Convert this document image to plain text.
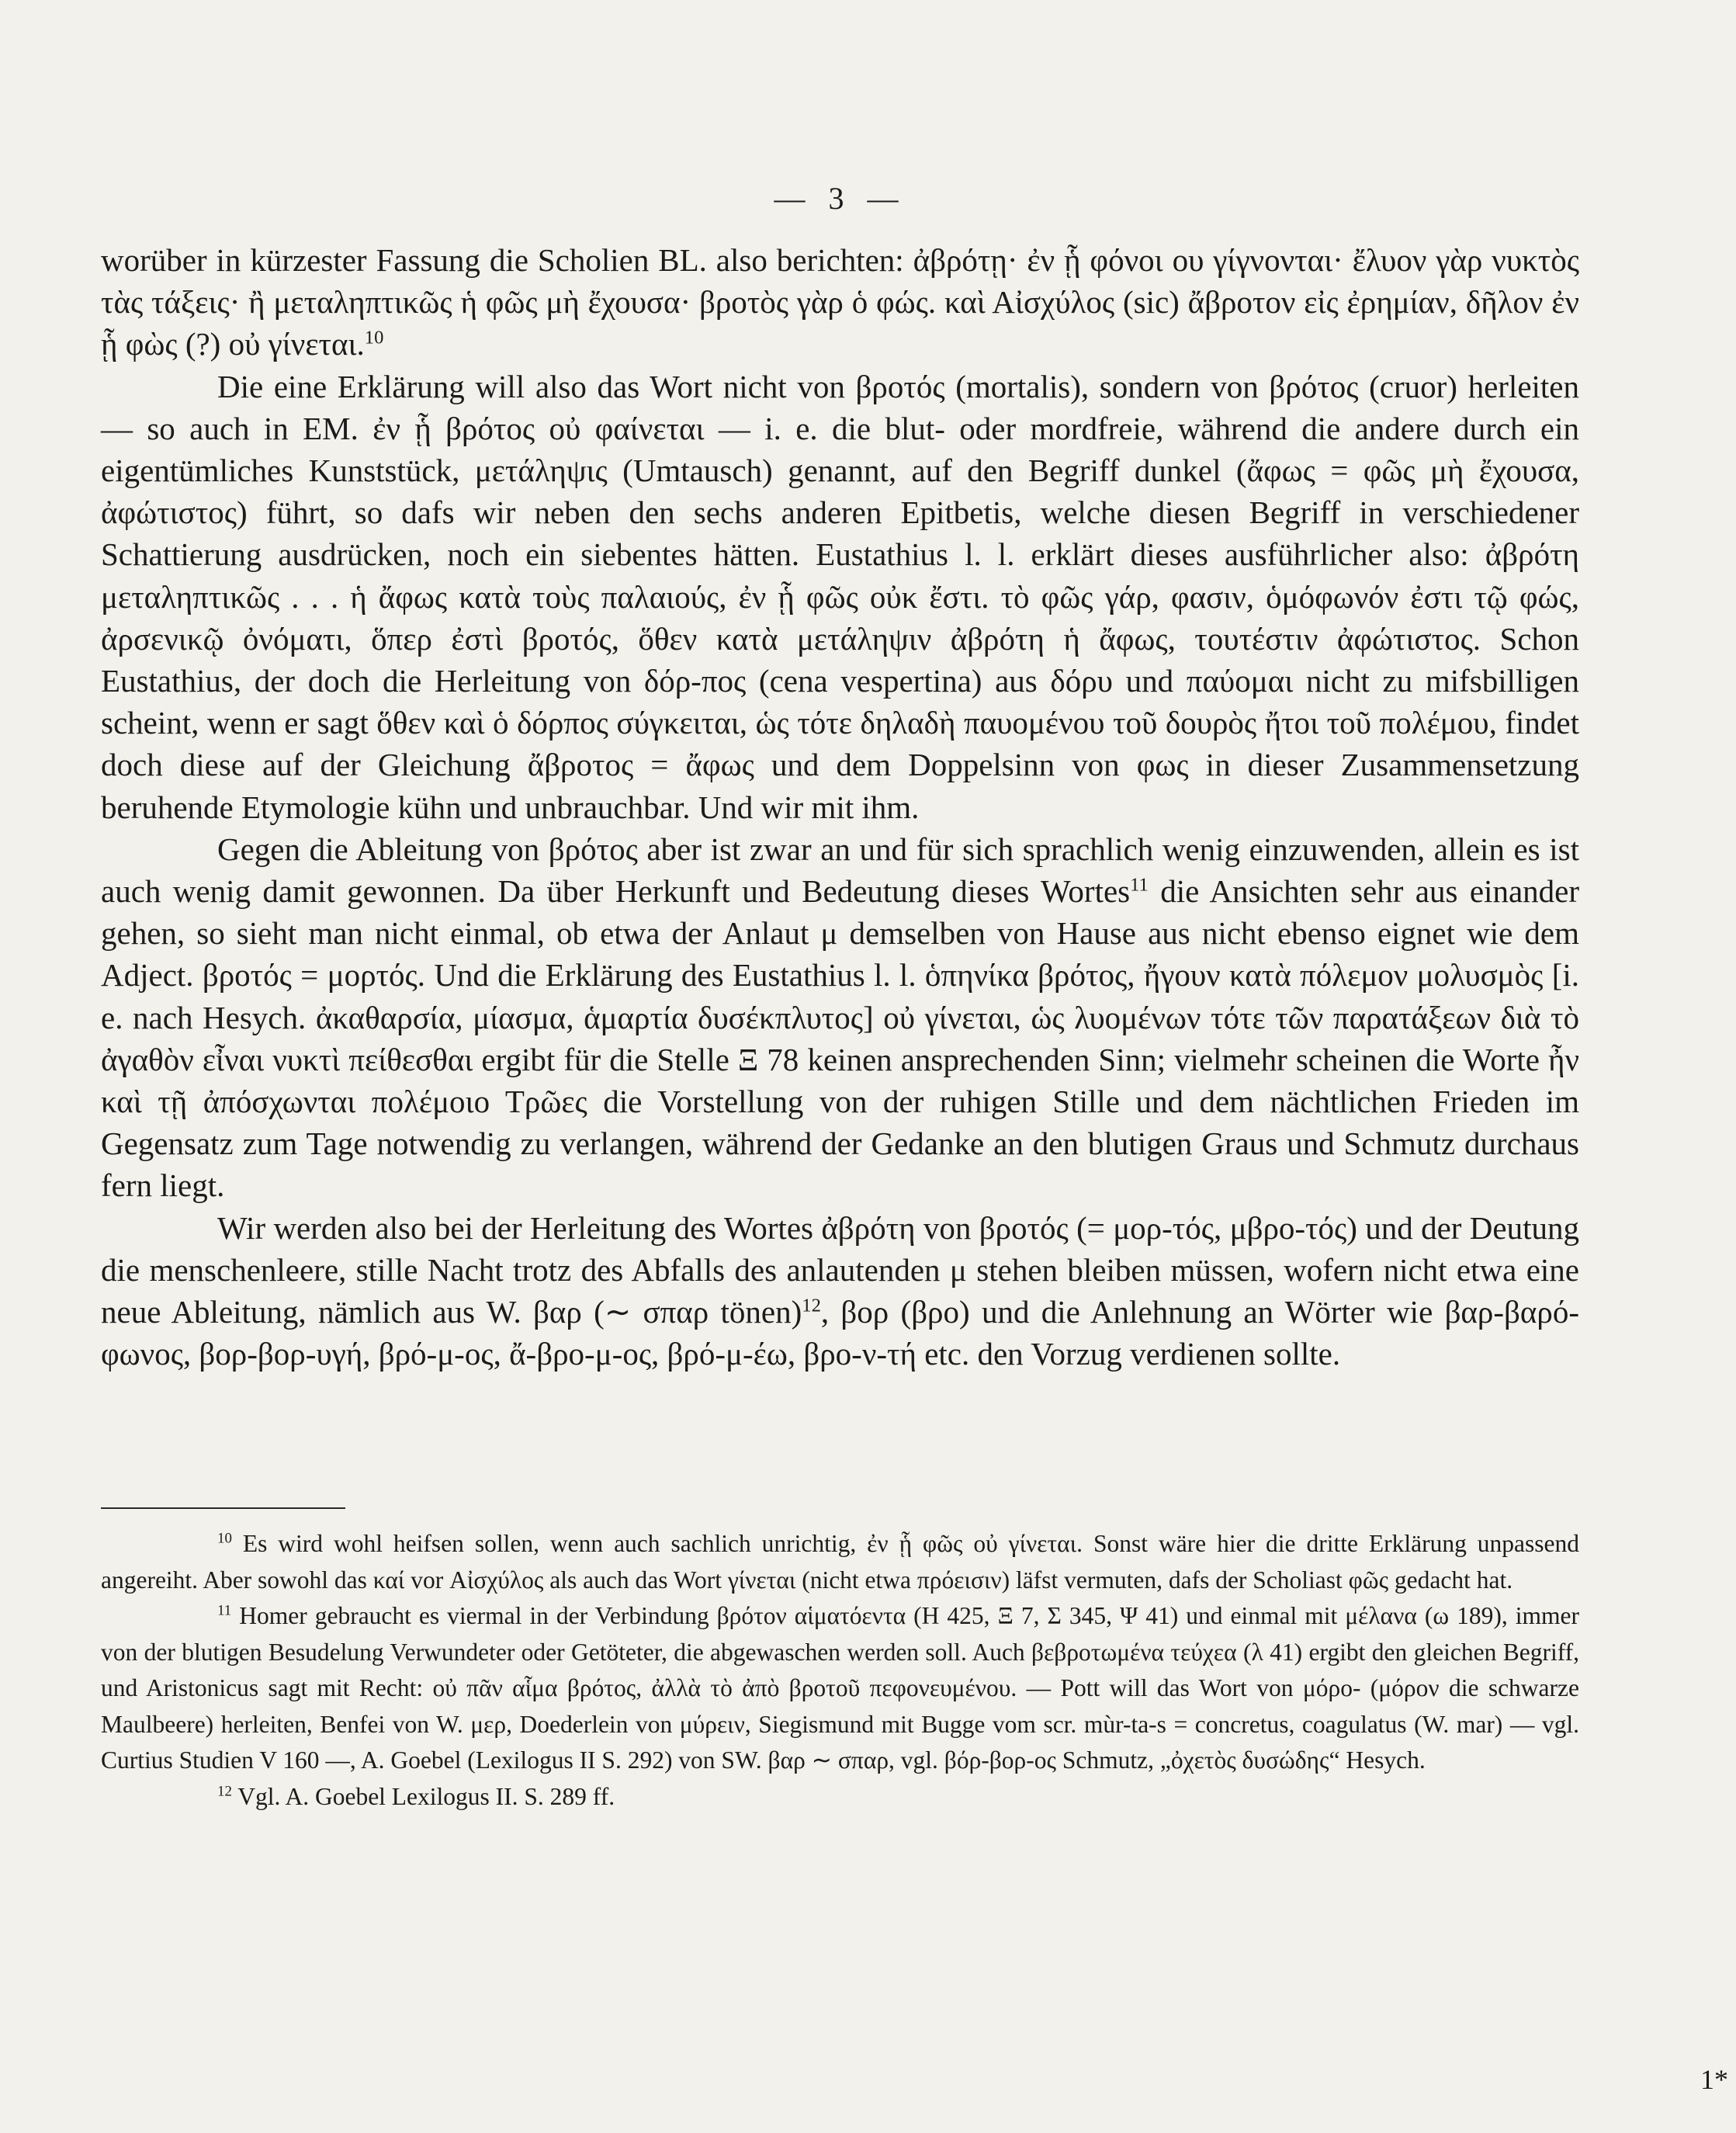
— 3 —

worüber in kürzester Fassung die Scholien BL. also berichten: ἀβρότῃ· ἐν ᾗ φόνοι ου γίγνονται· ἔλυον γὰρ νυκτὸς τὰς τάξεις· ἢ μεταληπτικῶς ἡ φῶς μὴ ἔχουσα· βροτὸς γὰρ ὁ φώς. καὶ Αἰσχύλος (sic) ἄβροτον εἰς ἐρημίαν, δῆλον ἐν ᾗ φὼς (?) οὐ γίνεται.$^{10}$

Die eine Erklärung will also das Wort nicht von βροτός (mortalis), sondern von βρότος (cruor) herleiten — so auch in EM. ἐν ᾗ βρότος οὐ φαίνεται — i. e. die blut- oder mordfreie, während die andere durch ein eigentümliches Kunststück, μετάληψις (Umtausch) genannt, auf den Begriff dunkel (ἄφως = φῶς μὴ ἔχουσα, ἀφώτιστος) führt, so dafs wir neben den sechs anderen Epitbetis, welche diesen Begriff in verschiedener Schattierung ausdrücken, noch ein siebentes hätten. Eustathius l. l. erklärt dieses ausführlicher also: ἀβρότη μεταληπτικῶς . . . ἡ ἄφως κατὰ τοὺς παλαιούς, ἐν ᾗ φῶς οὐκ ἔστι. τὸ φῶς γάρ, φασιν, ὁμόφωνόν ἐστι τῷ φώς, ἀρσενικῷ ὀνόματι, ὅπερ ἐστὶ βροτός, ὅθεν κατὰ μετάληψιν ἀβρότη ἡ ἄφως, τουτέστιν ἀφώτιστος. Schon Eustathius, der doch die Herleitung von δόρ-πος (cena vespertina) aus δόρυ und παύομαι nicht zu mifsbilligen scheint, wenn er sagt ὅθεν καὶ ὁ δόρπος σύγκειται, ὡς τότε δηλαδὴ παυομένου τοῦ δουρὸς ἤτοι τοῦ πολέμου, findet doch diese auf der Gleichung ἄβροτος = ἄφως und dem Doppelsinn von φως in dieser Zusammensetzung beruhende Etymologie kühn und unbrauchbar. Und wir mit ihm.

Gegen die Ableitung von βρότος aber ist zwar an und für sich sprachlich wenig einzuwenden, allein es ist auch wenig damit gewonnen. Da über Herkunft und Bedeutung dieses Wortes$^{11}$ die Ansichten sehr aus einander gehen, so sieht man nicht einmal, ob etwa der Anlaut μ demselben von Hause aus nicht ebenso eignet wie dem Adject. βροτός = μορτός. Und die Erklärung des Eustathius l. l. ὁπηνίκα βρότος, ἤγουν κατὰ πόλεμον μολυσμὸς [i. e. nach Hesych. ἀκαθαρσία, μίασμα, ἁμαρτία δυσέκπλυτος] οὐ γίνεται, ὡς λυομένων τότε τῶν παρατάξεων διὰ τὸ ἀγαθὸν εἶναι νυκτὶ πείθεσθαι ergibt für die Stelle Ξ 78 keinen ansprechenden Sinn; vielmehr scheinen die Worte ἦν καὶ τῇ ἀπόσχωνται πολέμοιο Τρῶες die Vorstellung von der ruhigen Stille und dem nächtlichen Frieden im Gegensatz zum Tage notwendig zu verlangen, während der Gedanke an den blutigen Graus und Schmutz durchaus fern liegt.

Wir werden also bei der Herleitung des Wortes ἀβρότη von βροτός (= μορ-τός, μβρο-τός) und der Deutung die menschenleere, stille Nacht trotz des Abfalls des anlautenden μ stehen bleiben müssen, wofern nicht etwa eine neue Ableitung, nämlich aus W. βαρ (∼ σπαρ tönen)$^{12}$, βορ (βρο) und die Anlehnung an Wörter wie βαρ-βαρό-φωνος, βορ-βορ-υγή, βρό-μ-ος, ἄ-βρο-μ-ος, βρό-μ-έω, βρο-ν-τή etc. den Vorzug verdienen sollte.

$^{10}$ Es wird wohl heifsen sollen, wenn auch sachlich unrichtig, ἐν ᾗ φῶς οὐ γίνεται. Sonst wäre hier die dritte Erklärung unpassend angereiht. Aber sowohl das καί vor Αἰσχύλος als auch das Wort γίνεται (nicht etwa πρόεισιν) läfst vermuten, dafs der Scholiast φῶς gedacht hat.

$^{11}$ Homer gebraucht es viermal in der Verbindung βρότον αἱματόεντα (Η 425, Ξ 7, Σ 345, Ψ 41) und einmal mit μέλανα (ω 189), immer von der blutigen Besudelung Verwundeter oder Getöteter, die abgewaschen werden soll. Auch βεβροτωμένα τεύχεα (λ 41) ergibt den gleichen Begriff, und Aristonicus sagt mit Recht: οὐ πᾶν αἷμα βρότος, ἀλλὰ τὸ ἀπὸ βροτοῦ πεφονευμένου. — Pott will das Wort von μόρο- (μόρον die schwarze Maulbeere) herleiten, Benfei von W. μερ, Doederlein von μύρειν, Siegismund mit Bugge vom scr. mùr-ta-s = concretus, coagulatus (W. mar) — vgl. Curtius Studien V 160 —, A. Goebel (Lexilogus II S. 292) von SW. βαρ ∼ σπαρ, vgl. βόρ-βορ-ος Schmutz, „ὀχετὸς δυσώδης“ Hesych.

$^{12}$ Vgl. A. Goebel Lexilogus II. S. 289 ff.

1*
